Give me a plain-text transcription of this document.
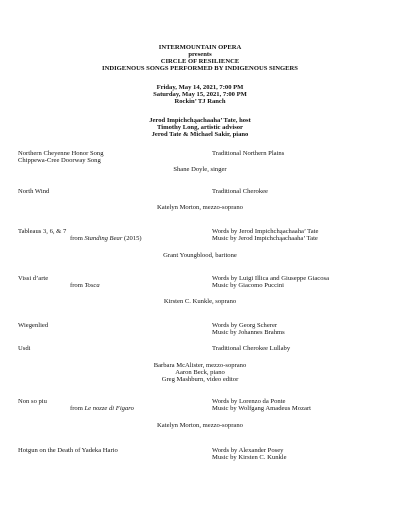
INTERMOUNTAIN OPERA
presents
CIRCLE OF RESILIENCE
INDIGENOUS SONGS PERFORMED BY INDIGENOUS SINGERS
Friday, May 14, 2021, 7:00 PM
Saturday, May 15, 2021, 7:00 PM
Rockin’ TJ Ranch
Jerod Impichchąachaaha’ Tate, host
Timothy Long, artistic advisor
Jerod Tate & Michael Sakir, piano
Northern Cheyenne Honor Song	Traditional Northern Plains
Chippewa-Cree Doorway Song
Shane Doyle, singer
North Wind	Traditional Cherokee
Katelyn Morton, mezzo-soprano
Tableaus 3, 6, & 7	Words by Jerod Impichchąachaaha’ Tate
from Standing Bear (2015)	Music by Jerod Impichchąachaaha’ Tate
Grant Youngblood, baritone
Vissi d’arte	Words by Luigi Illica and Giuseppe Giacosa
from Tosca	Music by Giacomo Puccini
Kirsten C. Kunkle, soprano
Wiegenlied	Words by Georg Scherer
Music by Johannes Brahms
Usdi	Traditional Cherokee Lullaby
Barbara McAlister, mezzo-soprano
Aaron Beck, piano
Greg Mashburn, video editor
Non so piu	Words by Lorenzo da Ponte
from Le nozze di Figaro	Music by Wolfgang Amadeus Mozart
Katelyn Morton, mezzo-soprano
Hotgun on the Death of Yadeka Hario	Words by Alexander Posey
Music by Kirsten C. Kunkle
